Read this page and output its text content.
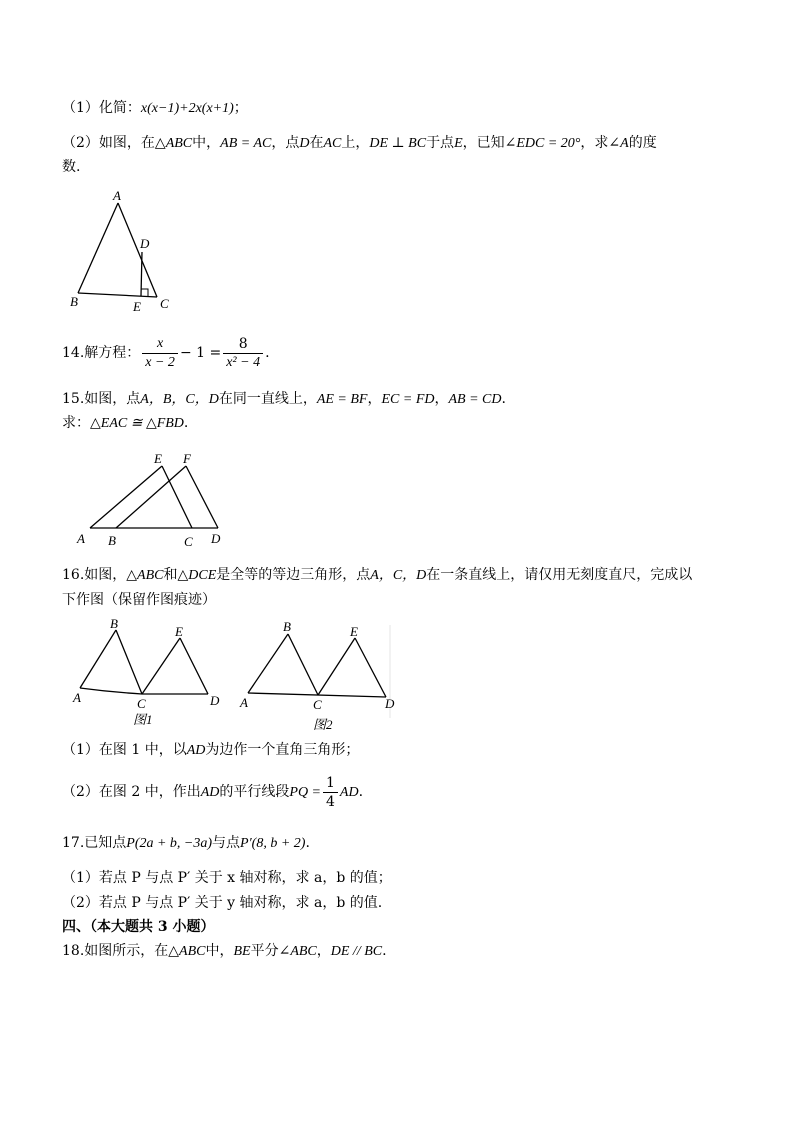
（1）化简：x(x−1)+2x(x+1)；
（2）如图，在△ABC中，AB = AC，点D在AC上，DE ⊥ BC于点E，已知∠EDC = 20°，求∠A的度
数.
A
D
B	E C
14.解方程： $\frac{x}{x - 2} - 1 = \frac{8}{\text{x² − 4}}$ .
15.如图，点A，B，C，D在同一直线上，AE = BF，EC = FD，AB = CD.
求：△EAC ≅ △FBD.
E F
A B	C D
16.如图，△ABC和△DCE是全等的等边三角形，点A，C，D在一条直线上，请仅用无刻度直尺，完成以
下作图（保留作图痕迹）
B
E
A	C	D
图1
B	E
A	C	D
图2
（1）在图 1 中，以AD为边作一个直角三角形；
（2）在图 2 中，作出AD的平行线段PQ = $\frac{1}{4}$ AD.
17.已知点P(2a + b, −3a)与点P′(8, b + 2).
（1）若点 P 与点 P′ 关于 x 轴对称，求 a，b 的值；
（2）若点 P 与点 P′ 关于 y 轴对称，求 a，b 的值.
四、（本大题共 3 小题）
18.如图所示，在△ABC中，BE平分∠ABC，DE // BC.
